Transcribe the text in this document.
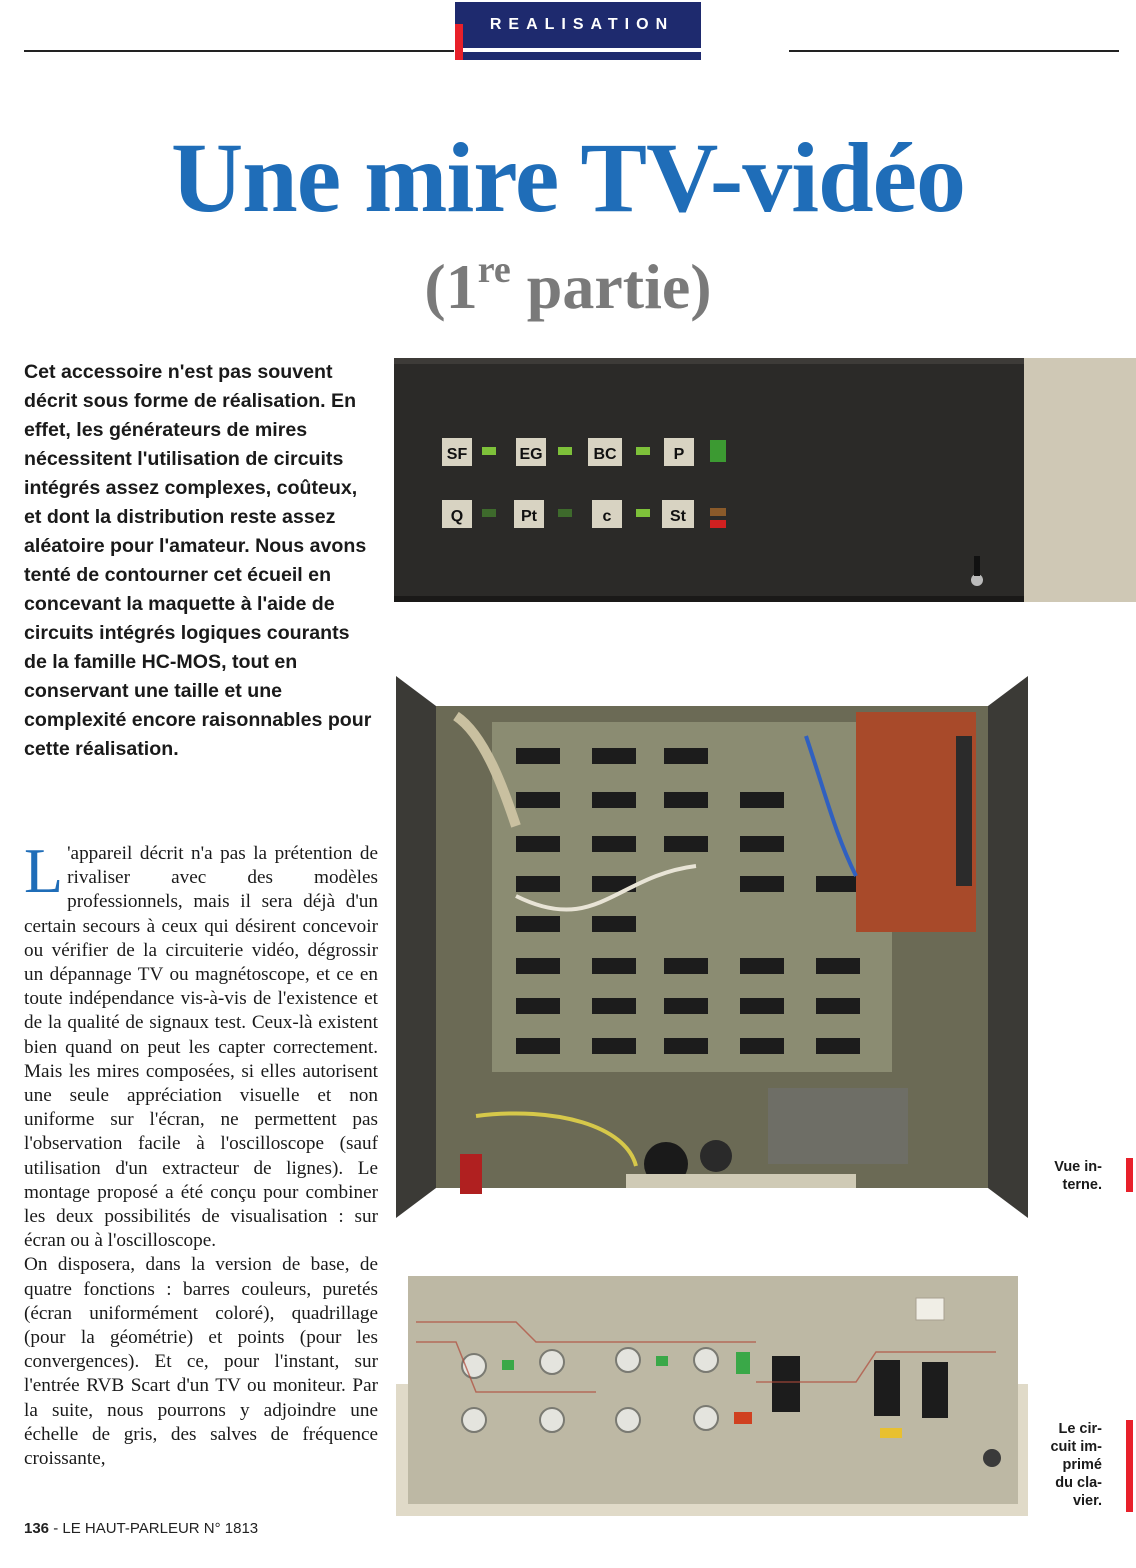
REALISATION
Une mire TV-vidéo
(1re partie)

Cet accessoire n'est pas souvent décrit sous forme de réalisation. En effet, les générateurs de mires nécessitent l'utilisation de circuits intégrés assez complexes, coûteux, et dont la distribution reste assez aléatoire pour l'amateur. Nous avons tenté de contourner cet écueil en concevant la maquette à l'aide de circuits intégrés logiques courants de la famille HC-MOS, tout en conservant une taille et une complexité encore raisonnables pour cette réalisation.

L 'appareil décrit n'a pas la prétention de rivaliser avec des modèles professionnels, mais il sera déjà d'un certain secours à ceux qui désirent concevoir ou vérifier de la circuiterie vidéo, dégrossir un dépannage TV ou magnétoscope, et ce en toute indépendance vis-à-vis de l'existence et de la qualité de signaux test. Ceux-là existent bien quand on peut les capter correctement. Mais les mires composées, si elles autorisent une seule appréciation visuelle et non uniforme sur l'écran, ne permettent pas l'observation facile à l'oscilloscope (sauf utilisation d'un extracteur de lignes). Le montage proposé a été conçu pour combiner les deux possibilités de visualisation : sur écran ou à l'oscilloscope.

On disposera, dans la version de base, de quatre fonctions : barres couleurs, puretés (écran uniformément coloré), quadrillage (pour la géométrie) et points (pour les convergences). Et ce, pour l'instant, sur l'entrée RVB Scart d'un TV ou moniteur. Par la suite, nous pourrons y adjoindre une échelle de gris, des salves de fréquence croissante,

SF	EG	BC	P
Q	Pt	c	St
Vue in-
terne.
Le cir-
cuit im-
primé
du cla-
vier.
136 - LE HAUT-PARLEUR N° 1813
